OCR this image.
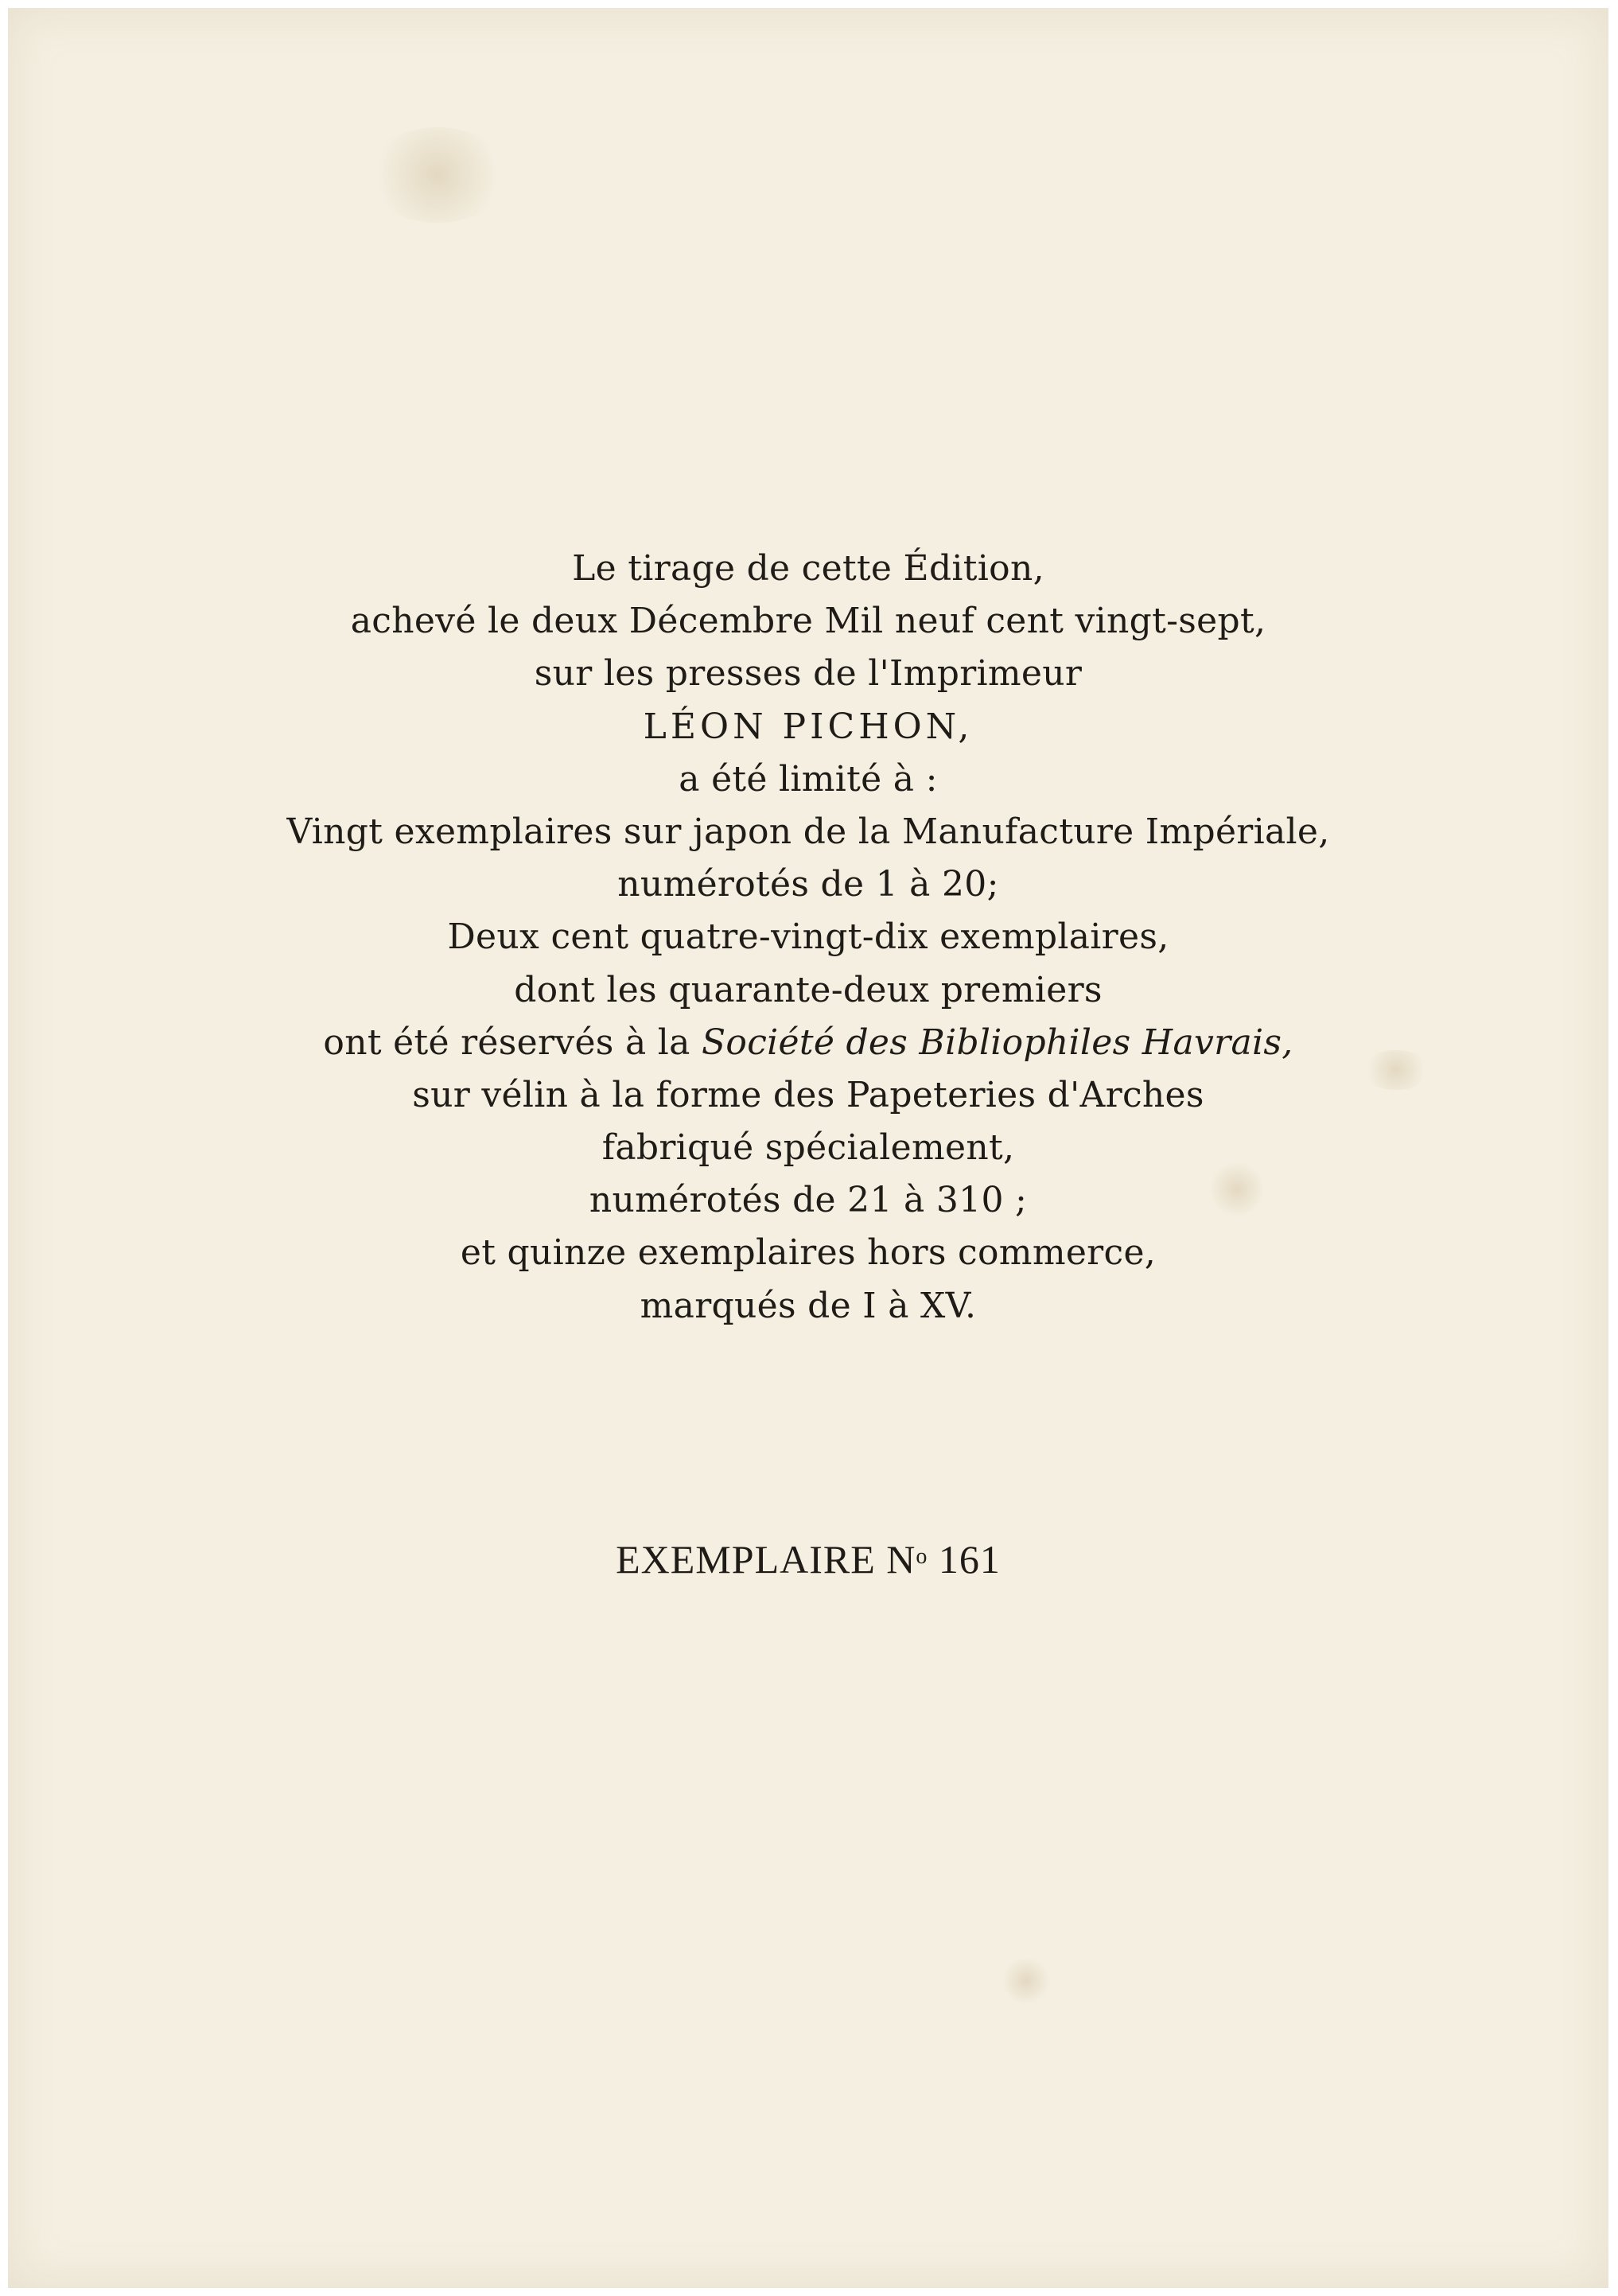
Le tirage de cette Édition,
achevé le deux Décembre Mil neuf cent vingt-sept,
sur les presses de l'Imprimeur
LÉON PICHON,
a été limité à :
Vingt exemplaires sur japon de la Manufacture Impériale,
numérotés de 1 à 20;
Deux cent quatre-vingt-dix exemplaires,
dont les quarante-deux premiers
ont été réservés à la Société des Bibliophiles Havrais,
sur vélin à la forme des Papeteries d'Arches
fabriqué spécialement,
numérotés de 21 à 310 ;
et quinze exemplaires hors commerce,
marqués de I à XV.
EXEMPLAIRE $N^o$ 161
